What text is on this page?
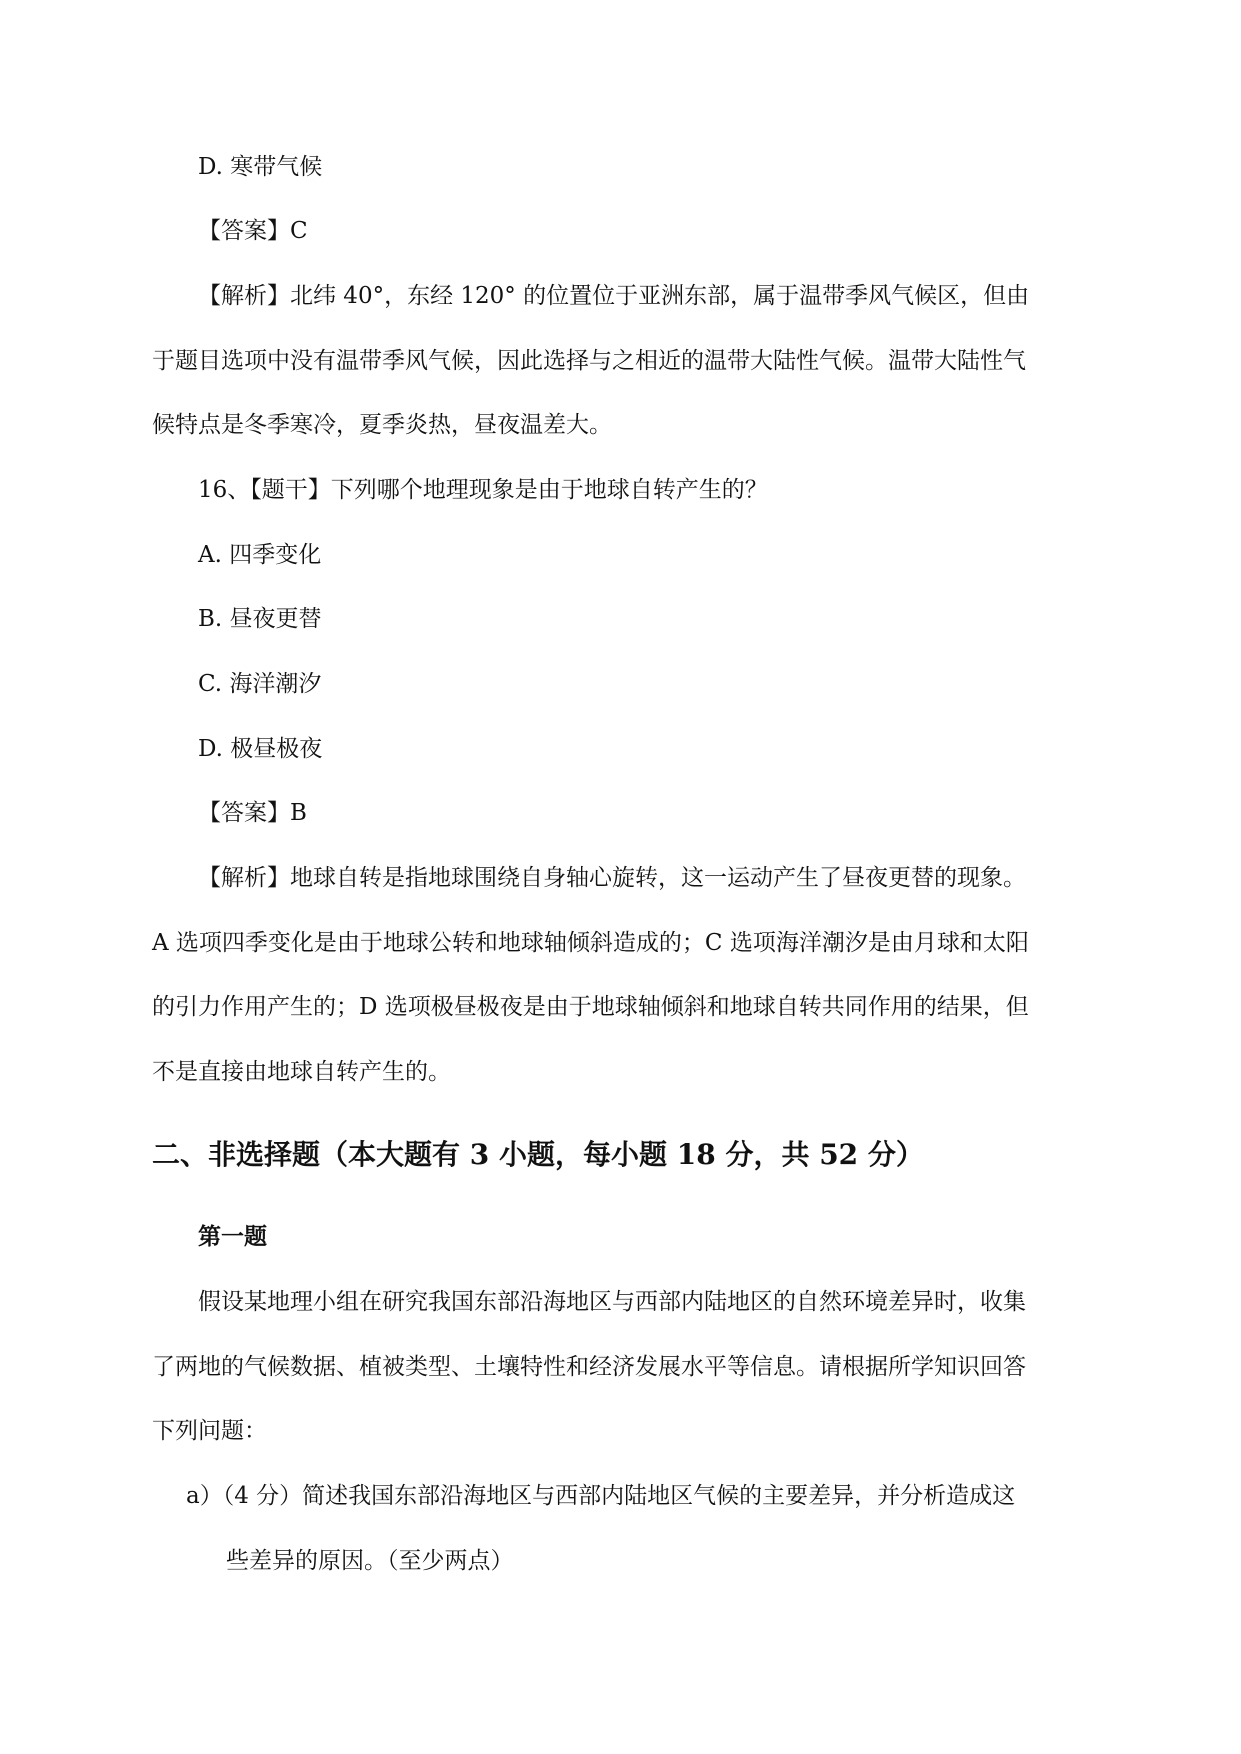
D. 寒带气候
【答案】C
【解析】北纬 40°，东经 120° 的位置位于亚洲东部，属于温带季风气候区，但由
于题目选项中没有温带季风气候，因此选择与之相近的温带大陆性气候。温带大陆性气
候特点是冬季寒冷，夏季炎热，昼夜温差大。
16、【题干】下列哪个地理现象是由于地球自转产生的？
A. 四季变化
B. 昼夜更替
C. 海洋潮汐
D. 极昼极夜
【答案】B
【解析】地球自转是指地球围绕自身轴心旋转，这一运动产生了昼夜更替的现象。
A 选项四季变化是由于地球公转和地球轴倾斜造成的；C 选项海洋潮汐是由月球和太阳
的引力作用产生的；D 选项极昼极夜是由于地球轴倾斜和地球自转共同作用的结果，但
不是直接由地球自转产生的。
二、非选择题（本大题有 3 小题，每小题 18 分，共 52 分）
第一题
假设某地理小组在研究我国东部沿海地区与西部内陆地区的自然环境差异时，收集
了两地的气候数据、植被类型、土壤特性和经济发展水平等信息。请根据所学知识回答
下列问题：
a）（4 分）简述我国东部沿海地区与西部内陆地区气候的主要差异，并分析造成这
些差异的原因。（至少两点）
